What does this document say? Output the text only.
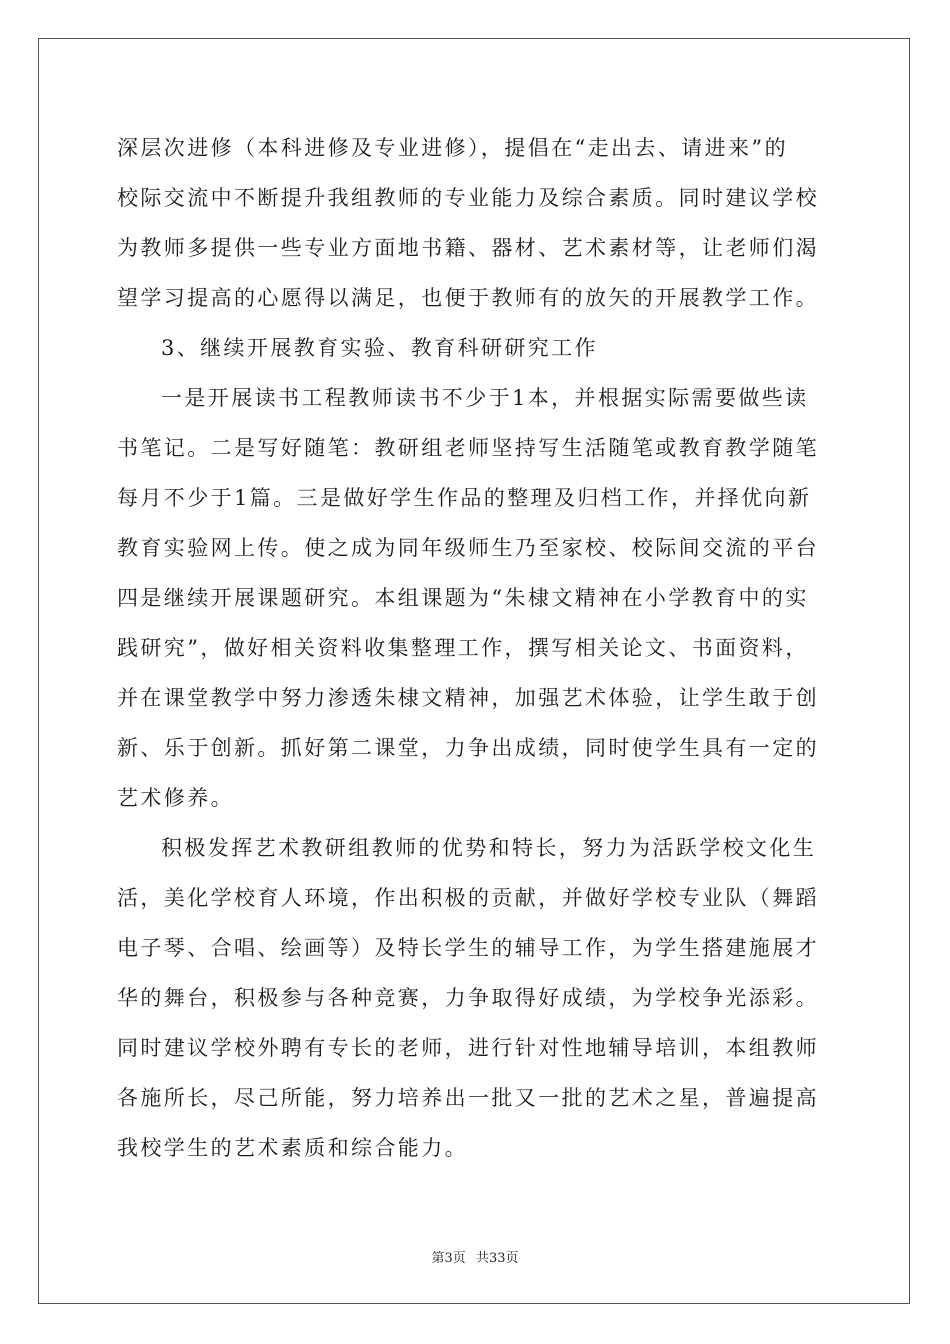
深层次进修（本科进修及专业进修），提倡在“走出去、请进来”的
校际交流中不断提升我组教师的专业能力及综合素质。同时建议学校
为教师多提供一些专业方面地书籍、器材、艺术素材等，让老师们渴
望学习提高的心愿得以满足，也便于教师有的放矢的开展教学工作。
3、继续开展教育实验、教育科研研究工作
一是开展读书工程教师读书不少于1本，并根据实际需要做些读
书笔记。二是写好随笔：教研组老师坚持写生活随笔或教育教学随笔
每月不少于1篇。三是做好学生作品的整理及归档工作，并择优向新
教育实验网上传。使之成为同年级师生乃至家校、校际间交流的平台
四是继续开展课题研究。本组课题为“朱棣文精神在小学教育中的实
践研究”，做好相关资料收集整理工作，撰写相关论文、书面资料，
并在课堂教学中努力渗透朱棣文精神，加强艺术体验，让学生敢于创
新、乐于创新。抓好第二课堂，力争出成绩，同时使学生具有一定的
艺术修养。
积极发挥艺术教研组教师的优势和特长，努力为活跃学校文化生
活，美化学校育人环境，作出积极的贡献，并做好学校专业队（舞蹈
电子琴、合唱、绘画等）及特长学生的辅导工作，为学生搭建施展才
华的舞台，积极参与各种竞赛，力争取得好成绩，为学校争光添彩。
同时建议学校外聘有专长的老师，进行针对性地辅导培训，本组教师
各施所长，尽己所能，努力培养出一批又一批的艺术之星，普遍提高
我校学生的艺术素质和综合能力。
第3页 共33页
